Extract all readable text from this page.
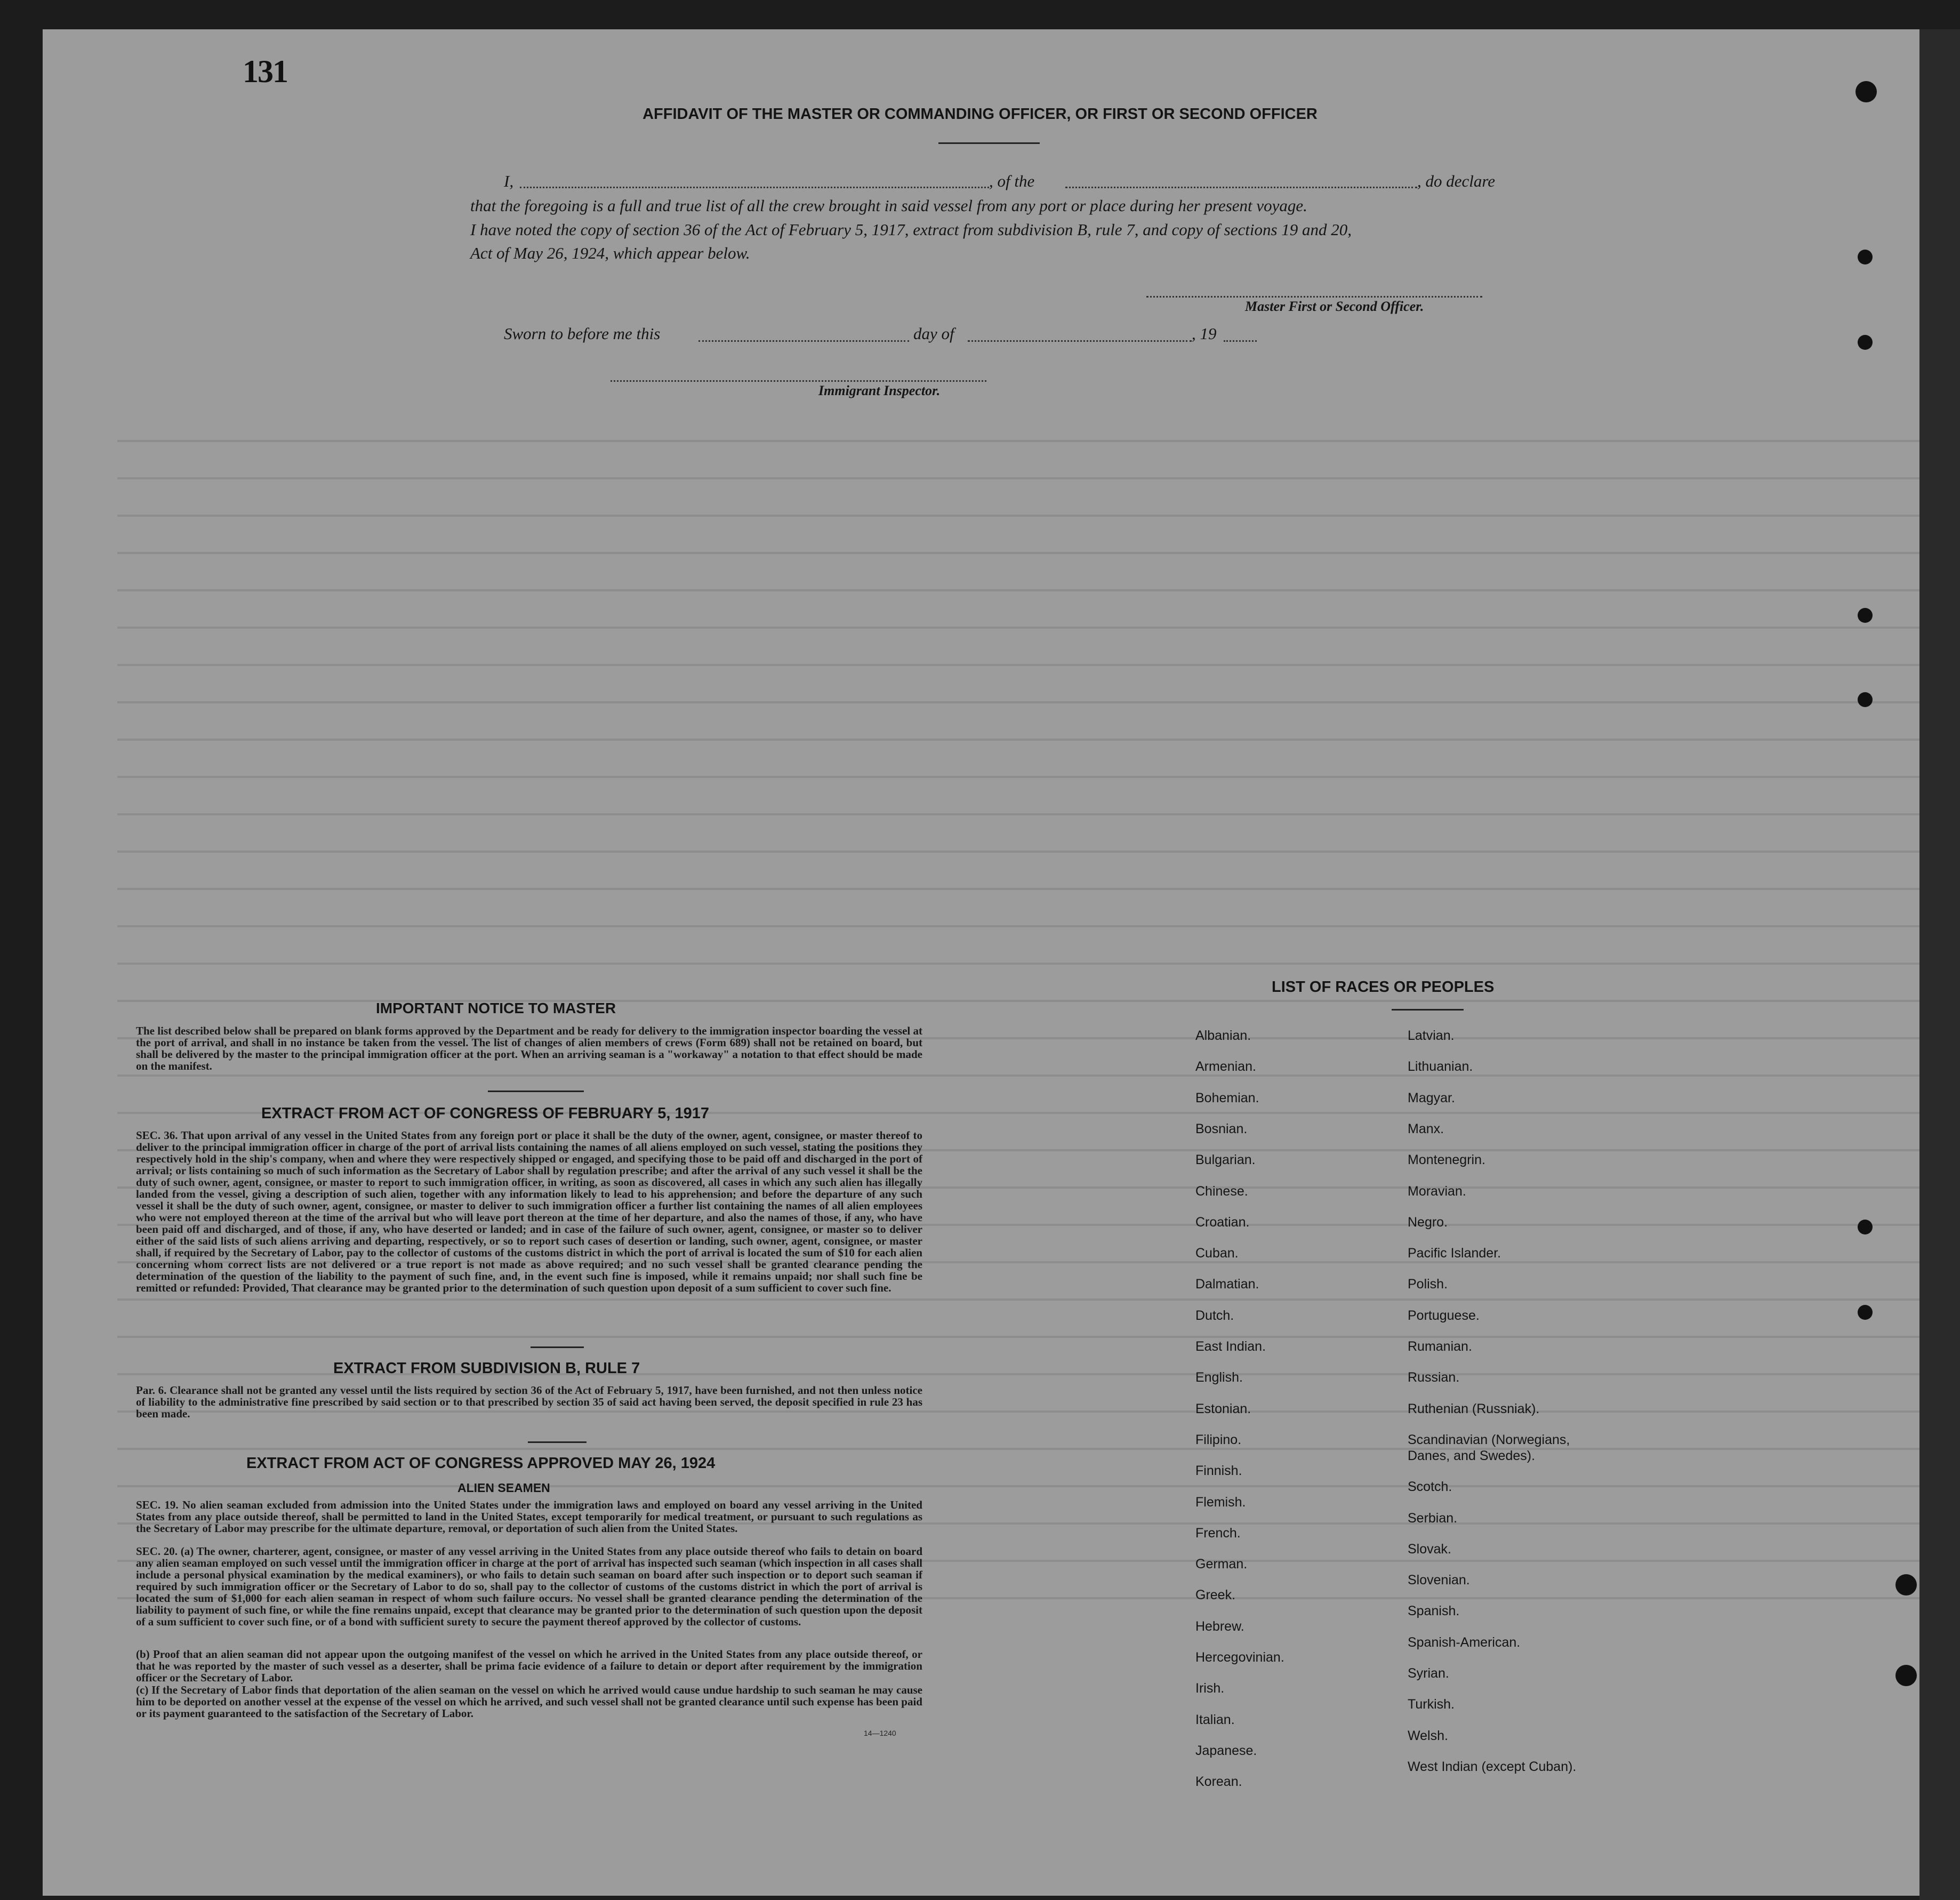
131
AFFIDAVIT OF THE MASTER OR COMMANDING OFFICER, OR FIRST OR SECOND OFFICER
I,	, of the	, do declare
that the foregoing is a full and true list of all the crew brought in said vessel from any port or place during her present voyage.
I have noted the copy of section 36 of the Act of February 5, 1917, extract from subdivision B, rule 7, and copy of sections 19 and 20,
Act of May 26, 1924, which appear below.
Master First or Second Officer.
Sworn to before me this	day of	, 19
Immigrant Inspector.
IMPORTANT NOTICE TO MASTER
The list described below shall be prepared on blank forms approved by the Department and be ready for delivery to the immigration inspector boarding the vessel at the port of arrival, and shall in no instance be taken from the vessel. The list of changes of alien members of crews (Form 689) shall not be retained on board, but shall be delivered by the master to the principal immigration officer at the port. When an arriving seaman is a "workaway" a notation to that effect should be made on the manifest.
EXTRACT FROM ACT OF CONGRESS OF FEBRUARY 5, 1917
SEC. 36. That upon arrival of any vessel in the United States from any foreign port or place it shall be the duty of the owner, agent, consignee, or master thereof to deliver to the principal immigration officer in charge of the port of arrival lists containing the names of all aliens employed on such vessel, stating the positions they respectively hold in the ship's company, when and where they were respectively shipped or engaged, and specifying those to be paid off and discharged in the port of arrival; or lists containing so much of such information as the Secretary of Labor shall by regulation prescribe; and after the arrival of any such vessel it shall be the duty of such owner, agent, consignee, or master to report to such immigration officer, in writing, as soon as discovered, all cases in which any such alien has illegally landed from the vessel, giving a description of such alien, together with any information likely to lead to his apprehension; and before the departure of any such vessel it shall be the duty of such owner, agent, consignee, or master to deliver to such immigration officer a further list containing the names of all alien employees who were not employed thereon at the time of the arrival but who will leave port thereon at the time of her departure, and also the names of those, if any, who have been paid off and discharged, and of those, if any, who have deserted or landed; and in case of the failure of such owner, agent, consignee, or master so to deliver either of the said lists of such aliens arriving and departing, respectively, or so to report such cases of desertion or landing, such owner, agent, consignee, or master shall, if required by the Secretary of Labor, pay to the collector of customs of the customs district in which the port of arrival is located the sum of $10 for each alien concerning whom correct lists are not delivered or a true report is not made as above required; and no such vessel shall be granted clearance pending the determination of the question of the liability to the payment of such fine, and, in the event such fine is imposed, while it remains unpaid; nor shall such fine be remitted or refunded: Provided, That clearance may be granted prior to the determination of such question upon deposit of a sum sufficient to cover such fine.
EXTRACT FROM SUBDIVISION B, RULE 7
Par. 6. Clearance shall not be granted any vessel until the lists required by section 36 of the Act of February 5, 1917, have been furnished, and not then unless notice of liability to the administrative fine prescribed by said section or to that prescribed by section 35 of said act having been served, the deposit specified in rule 23 has been made.
EXTRACT FROM ACT OF CONGRESS APPROVED MAY 26, 1924
ALIEN SEAMEN
SEC. 19. No alien seaman excluded from admission into the United States under the immigration laws and employed on board any vessel arriving in the United States from any place outside thereof, shall be permitted to land in the United States, except temporarily for medical treatment, or pursuant to such regulations as the Secretary of Labor may prescribe for the ultimate departure, removal, or deportation of such alien from the United States.
SEC. 20. (a) The owner, charterer, agent, consignee, or master of any vessel arriving in the United States from any place outside thereof who fails to detain on board any alien seaman employed on such vessel until the immigration officer in charge at the port of arrival has inspected such seaman (which inspection in all cases shall include a personal physical examination by the medical examiners), or who fails to detain such seaman on board after such inspection or to deport such seaman if required by such immigration officer or the Secretary of Labor to do so, shall pay to the collector of customs of the customs district in which the port of arrival is located the sum of $1,000 for each alien seaman in respect of whom such failure occurs. No vessel shall be granted clearance pending the determination of the liability to payment of such fine, or while the fine remains unpaid, except that clearance may be granted prior to the determination of such question upon the deposit of a sum sufficient to cover such fine, or of a bond with sufficient surety to secure the payment thereof approved by the collector of customs.
(b) Proof that an alien seaman did not appear upon the outgoing manifest of the vessel on which he arrived in the United States from any place outside thereof, or that he was reported by the master of such vessel as a deserter, shall be prima facie evidence of a failure to detain or deport after requirement by the immigration officer or the Secretary of Labor.
(c) If the Secretary of Labor finds that deportation of the alien seaman on the vessel on which he arrived would cause undue hardship to such seaman he may cause him to be deported on another vessel at the expense of the vessel on which he arrived, and such vessel shall not be granted clearance until such expense has been paid or its payment guaranteed to the satisfaction of the Secretary of Labor.
14—1240
LIST OF RACES OR PEOPLES
Albanian.
Armenian.
Bohemian.
Bosnian.
Bulgarian.
Chinese.
Croatian.
Cuban.
Dalmatian.
Dutch.
East Indian.
English.
Estonian.
Filipino.
Finnish.
Flemish.
French.
German.
Greek.
Hebrew.
Hercegovinian.
Irish.
Italian.
Japanese.
Korean.
Latvian.
Lithuanian.
Magyar.
Manx.
Montenegrin.
Moravian.
Negro.
Pacific Islander.
Polish.
Portuguese.
Rumanian.
Russian.
Ruthenian (Russniak).
Scandinavian (Norwegians,
Danes, and Swedes).
Scotch.
Serbian.
Slovak.
Slovenian.
Spanish.
Spanish-American.
Syrian.
Turkish.
Welsh.
West Indian (except Cuban).
